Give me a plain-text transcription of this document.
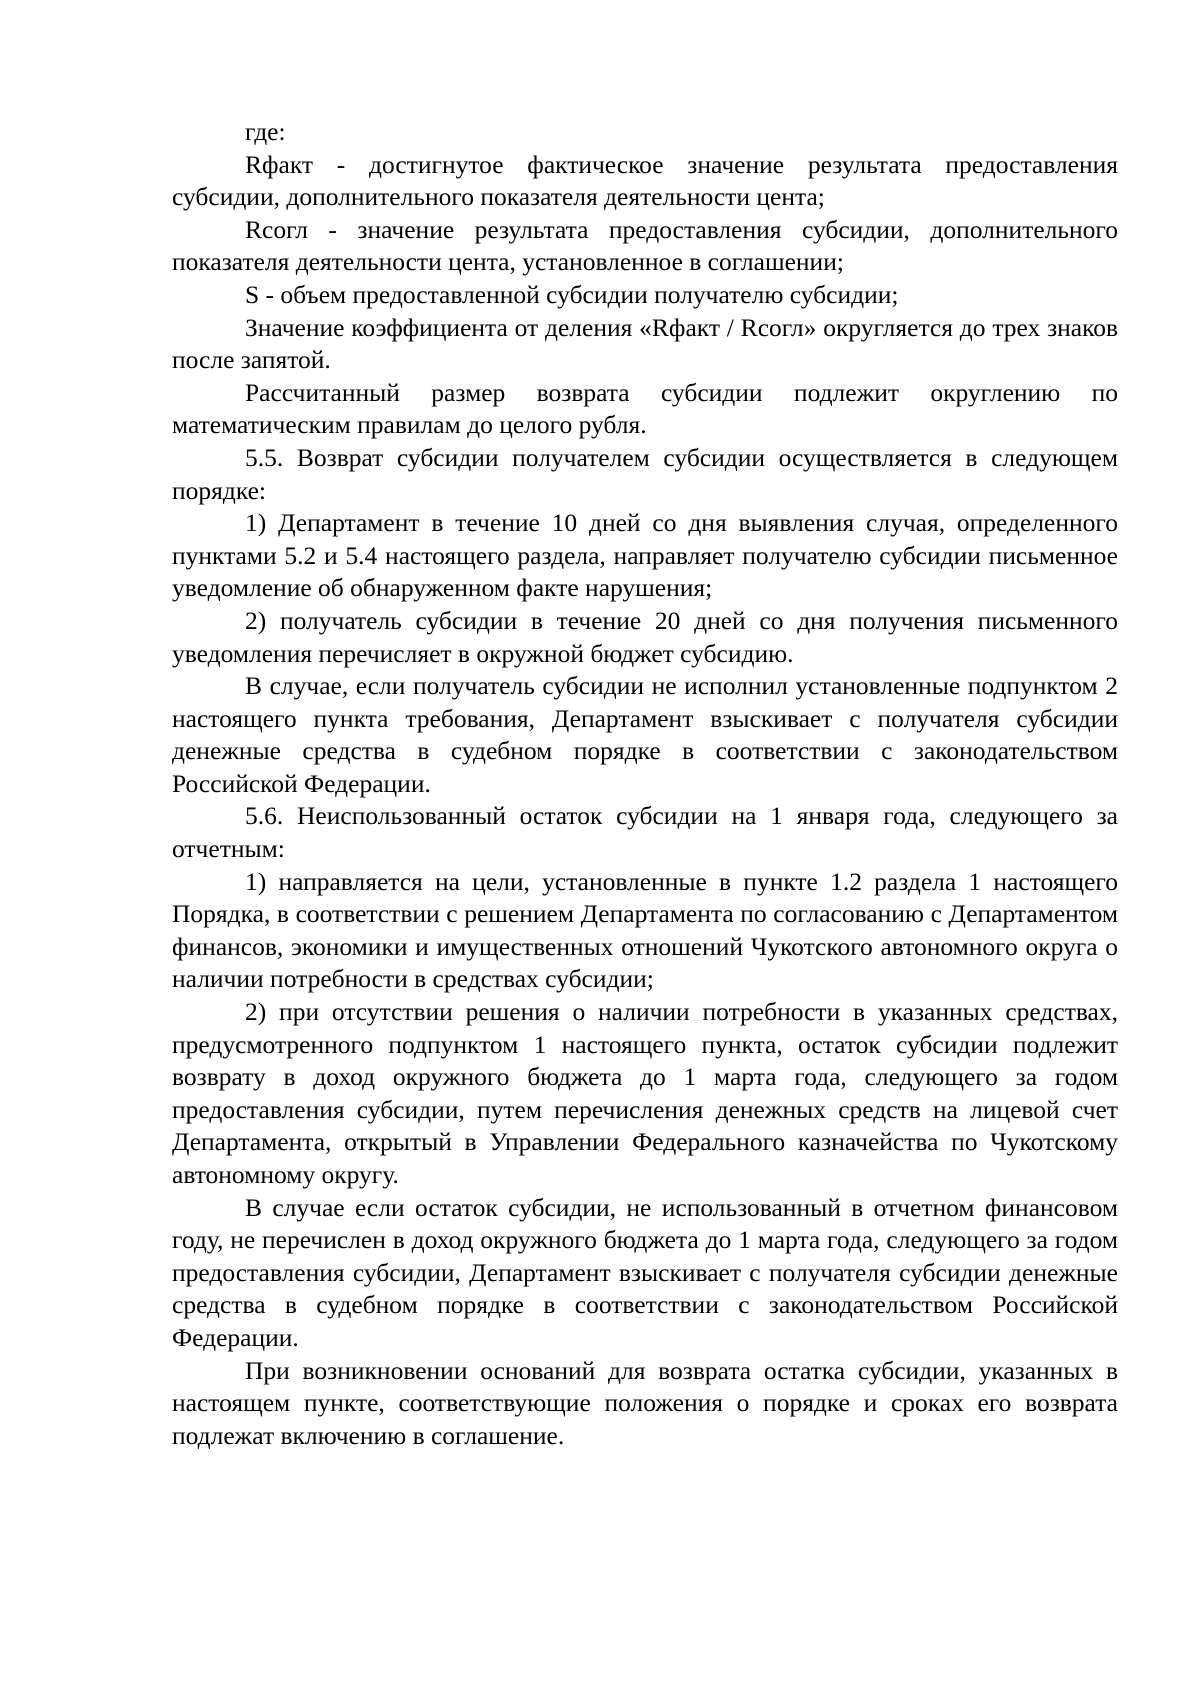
где:

Rфакт - достигнутое фактическое значение результата предоставления субсидии, дополнительного показателя деятельности цента;

Rсогл - значение результата предоставления субсидии, дополнительного показателя деятельности цента, установленное в соглашении;

S - объем предоставленной субсидии получателю субсидии;

Значение коэффициента от деления «Rфакт / Rсогл» округляется до трех знаков после запятой.

Рассчитанный размер возврата субсидии подлежит округлению по математическим правилам до целого рубля.

5.5. Возврат субсидии получателем субсидии осуществляется в следующем порядке:

1) Департамент в течение 10 дней со дня выявления случая, определенного пунктами 5.2 и 5.4 настоящего раздела, направляет получателю субсидии письменное уведомление об обнаруженном факте нарушения;

2) получатель субсидии в течение 20 дней со дня получения письменного уведомления перечисляет в окружной бюджет субсидию.

В случае, если получатель субсидии не исполнил установленные подпунктом 2 настоящего пункта требования, Департамент взыскивает с получателя субсидии денежные средства в судебном порядке в соответствии с законодательством Российской Федерации.

5.6. Неиспользованный остаток субсидии на 1 января года, следующего за отчетным:

1) направляется на цели, установленные в пункте 1.2 раздела 1 настоящего Порядка, в соответствии с решением Департамента по согласованию с Департаментом финансов, экономики и имущественных отношений Чукотского автономного округа о наличии потребности в средствах субсидии;

2) при отсутствии решения о наличии потребности в указанных средствах, предусмотренного подпунктом 1 настоящего пункта, остаток субсидии подлежит возврату в доход окружного бюджета до 1 марта года, следующего за годом предоставления субсидии, путем перечисления денежных средств на лицевой счет Департамента, открытый в Управлении Федерального казначейства по Чукотскому автономному округу.

В случае если остаток субсидии, не использованный в отчетном финансовом году, не перечислен в доход окружного бюджета до 1 марта года, следующего за годом предоставления субсидии, Департамент взыскивает с получателя субсидии денежные средства в судебном порядке в соответствии с законодательством Российской Федерации.

При возникновении оснований для возврата остатка субсидии, указанных в настоящем пункте, соответствующие положения о порядке и сроках его возврата подлежат включению в соглашение.
